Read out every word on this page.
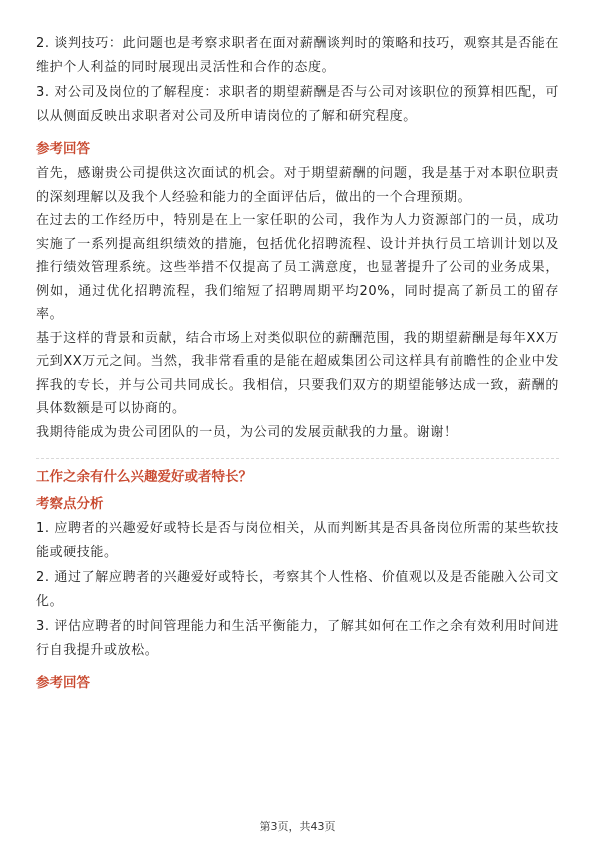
2. 谈判技巧：此问题也是考察求职者在面对薪酬谈判时的策略和技巧，观察其是否能在维护个人利益的同时展现出灵活性和合作的态度。

3. 对公司及岗位的了解程度：求职者的期望薪酬是否与公司对该职位的预算相匹配，可以从侧面反映出求职者对公司及所申请岗位的了解和研究程度。

参考回答

首先，感谢贵公司提供这次面试的机会。对于期望薪酬的问题，我是基于对本职位职责的深刻理解以及我个人经验和能力的全面评估后，做出的一个合理预期。

在过去的工作经历中，特别是在上一家任职的公司，我作为人力资源部门的一员，成功实施了一系列提高组织绩效的措施，包括优化招聘流程、设计并执行员工培训计划以及推行绩效管理系统。这些举措不仅提高了员工满意度，也显著提升了公司的业务成果，例如，通过优化招聘流程，我们缩短了招聘周期平均20%，同时提高了新员工的留存率。

基于这样的背景和贡献，结合市场上对类似职位的薪酬范围，我的期望薪酬是每年XX万元到XX万元之间。当然，我非常看重的是能在超威集团公司这样具有前瞻性的企业中发挥我的专长，并与公司共同成长。我相信，只要我们双方的期望能够达成一致，薪酬的具体数额是可以协商的。

我期待能成为贵公司团队的一员，为公司的发展贡献我的力量。谢谢！

工作之余有什么兴趣爱好或者特长？
考察点分析

1. 应聘者的兴趣爱好或特长是否与岗位相关，从而判断其是否具备岗位所需的某些软技能或硬技能。

2. 通过了解应聘者的兴趣爱好或特长，考察其个人性格、价值观以及是否能融入公司文化。

3. 评估应聘者的时间管理能力和生活平衡能力，了解其如何在工作之余有效利用时间进行自我提升或放松。

参考回答
第3页，共43页
